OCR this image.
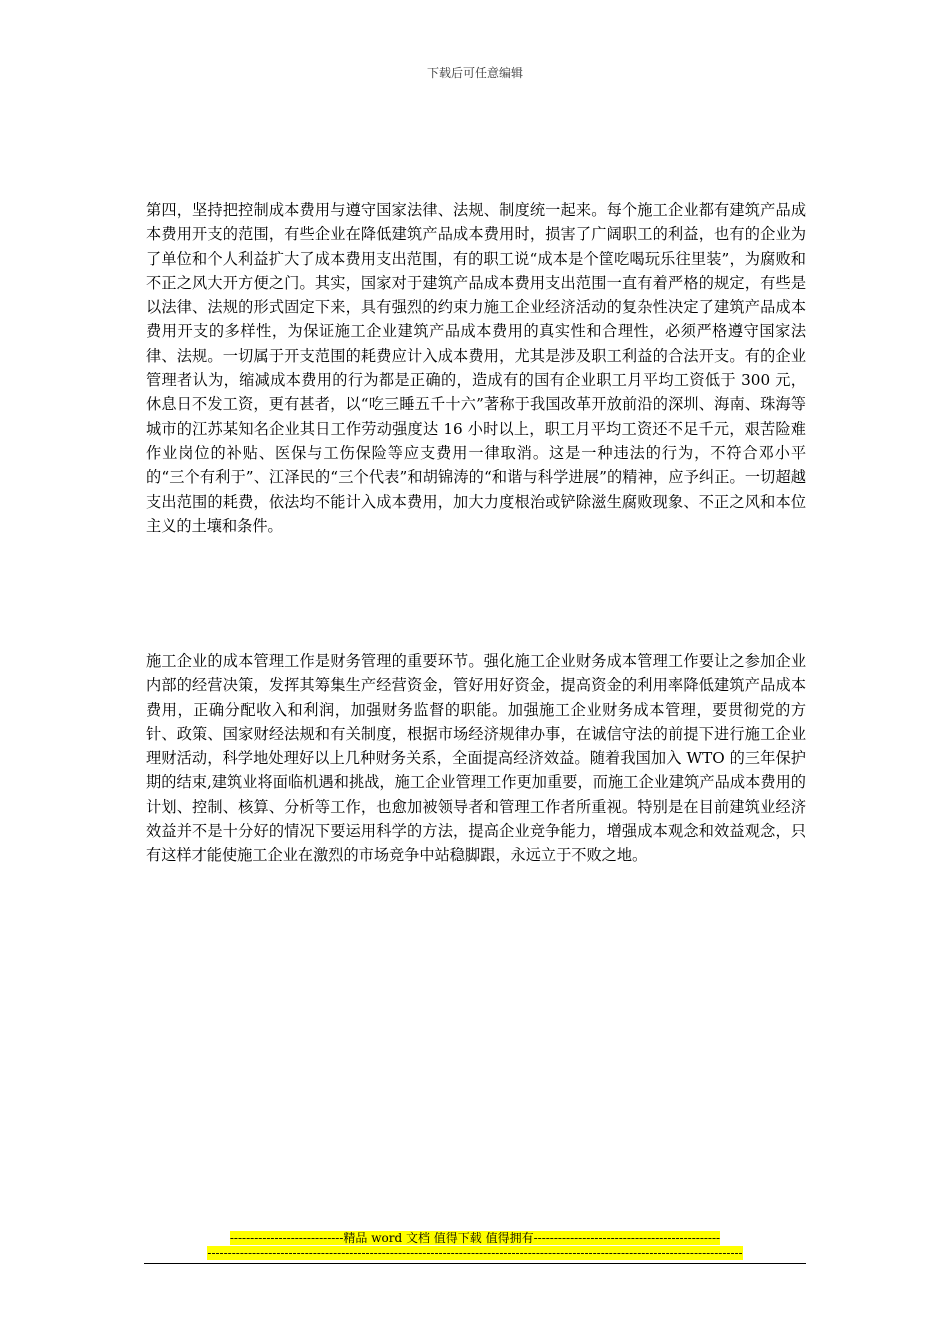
下载后可任意编辑

第四，坚持把控制成本费用与遵守国家法律、法规、制度统一起来。每个施工企业都有建筑产品成本费用开支的范围，有些企业在降低建筑产品成本费用时，损害了广阔职工的利益，也有的企业为了单位和个人利益扩大了成本费用支出范围，有的职工说“成本是个筐吃喝玩乐往里装”，为腐败和不正之风大开方便之门。其实，国家对于建筑产品成本费用支出范围一直有着严格的规定，有些是以法律、法规的形式固定下来，具有强烈的约束力施工企业经济活动的复杂性决定了建筑产品成本费用开支的多样性，为保证施工企业建筑产品成本费用的真实性和合理性，必须严格遵守国家法律、法规。一切属于开支范围的耗费应计入成本费用，尤其是涉及职工利益的合法开支。有的企业管理者认为，缩减成本费用的行为都是正确的，造成有的国有企业职工月平均工资低于 300 元，休息日不发工资，更有甚者，以“吃三睡五千十六”著称于我国改革开放前沿的深圳、海南、珠海等城市的江苏某知名企业其日工作劳动强度达 16 小时以上，职工月平均工资还不足千元，艰苦险难作业岗位的补贴、医保与工伤保险等应支费用一律取消。这是一种违法的行为，不符合邓小平的“三个有利于”、江泽民的“三个代表”和胡锦涛的“和谐与科学进展”的精神，应予纠正。一切超越支出范围的耗费，依法均不能计入成本费用，加大力度根治或铲除滋生腐败现象、不正之风和本位主义的土壤和条件。

施工企业的成本管理工作是财务管理的重要环节。强化施工企业财务成本管理工作要让之参加企业内部的经营决策，发挥其筹集生产经营资金，管好用好资金，提高资金的利用率降低建筑产品成本费用，正确分配收入和利润，加强财务监督的职能。加强施工企业财务成本管理，要贯彻党的方针、政策、国家财经法规和有关制度，根据市场经济规律办事，在诚信守法的前提下进行施工企业理财活动，科学地处理好以上几种财务关系，全面提高经济效益。随着我国加入 WTO 的三年保护期的结束,建筑业将面临机遇和挑战，施工企业管理工作更加重要，而施工企业建筑产品成本费用的计划、控制、核算、分析等工作，也愈加被领导者和管理工作者所重视。特别是在目前建筑业经济效益并不是十分好的情况下要运用科学的方法，提高企业竞争能力，增强成本观念和效益观念，只有这样才能使施工企业在激烈的市场竞争中站稳脚跟，永远立于不败之地。

----------------------------精品 word 文档 值得下载 值得拥有----------------------------------------------
------------------------------------------------------------------------------------------------------------------------------------
